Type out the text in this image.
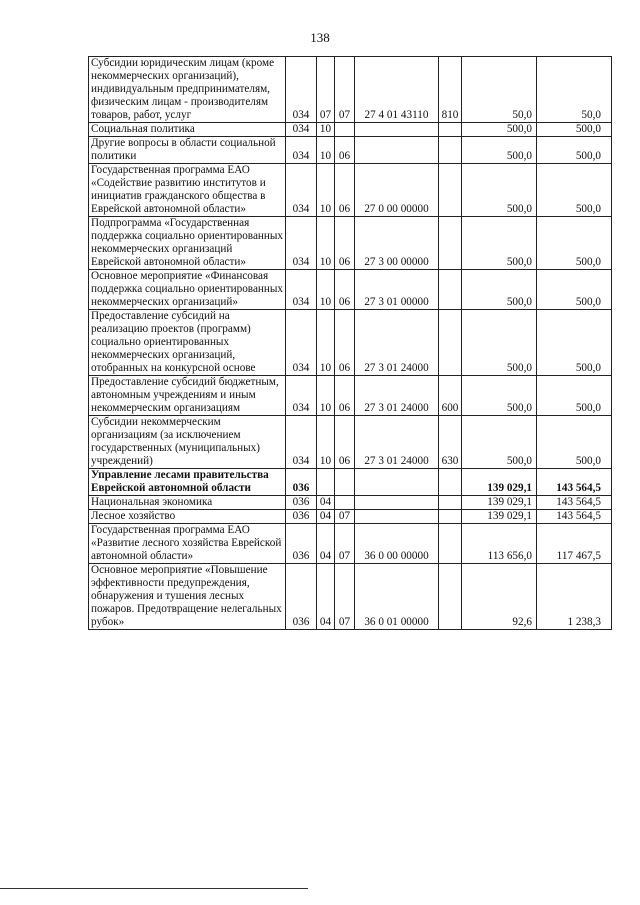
138
Субсидии юридическим лицам (кроме некоммерческих организаций), индивидуальным предпринимателям, физическим лицам - производителям товаров, работ, услуг	034	07	07	27 4 01 43110	810	50,0	50,0
Социальная политика	034	10				500,0	500,0
Другие вопросы в области социальной политики	034	10	06			500,0	500,0
Государственная программа ЕАО «Содействие развитию институтов и инициатив гражданского общества в Еврейской автономной области»	034	10	06	27 0 00 00000		500,0	500,0
Подпрограмма «Государственная поддержка социально ориентированных некоммерческих организаций Еврейской автономной области»	034	10	06	27 3 00 00000		500,0	500,0
Основное мероприятие «Финансовая поддержка социально ориентированных некоммерческих организаций»	034	10	06	27 3 01 00000		500,0	500,0
Предоставление субсидий на реализацию проектов (программ) социально ориентированных некоммерческих организаций, отобранных на конкурсной основе	034	10	06	27 3 01 24000		500,0	500,0
Предоставление субсидий бюджетным, автономным учреждениям и иным некоммерческим организациям	034	10	06	27 3 01 24000	600	500,0	500,0
Субсидии некоммерческим организациям (за исключением государственных (муниципальных) учреждений)	034	10	06	27 3 01 24000	630	500,0	500,0
Управление лесами правительства Еврейской автономной области	036					139 029,1	143 564,5
Национальная экономика	036	04				139 029,1	143 564,5
Лесное хозяйство	036	04	07			139 029,1	143 564,5
Государственная программа ЕАО «Развитие лесного хозяйства Еврейской автономной области»	036	04	07	36 0 00 00000		113 656,0	117 467,5
Основное мероприятие «Повышение эффективности предупреждения, обнаружения и тушения лесных пожаров. Предотвращение нелегальных рубок»	036	04	07	36 0 01 00000		92,6	1 238,3
